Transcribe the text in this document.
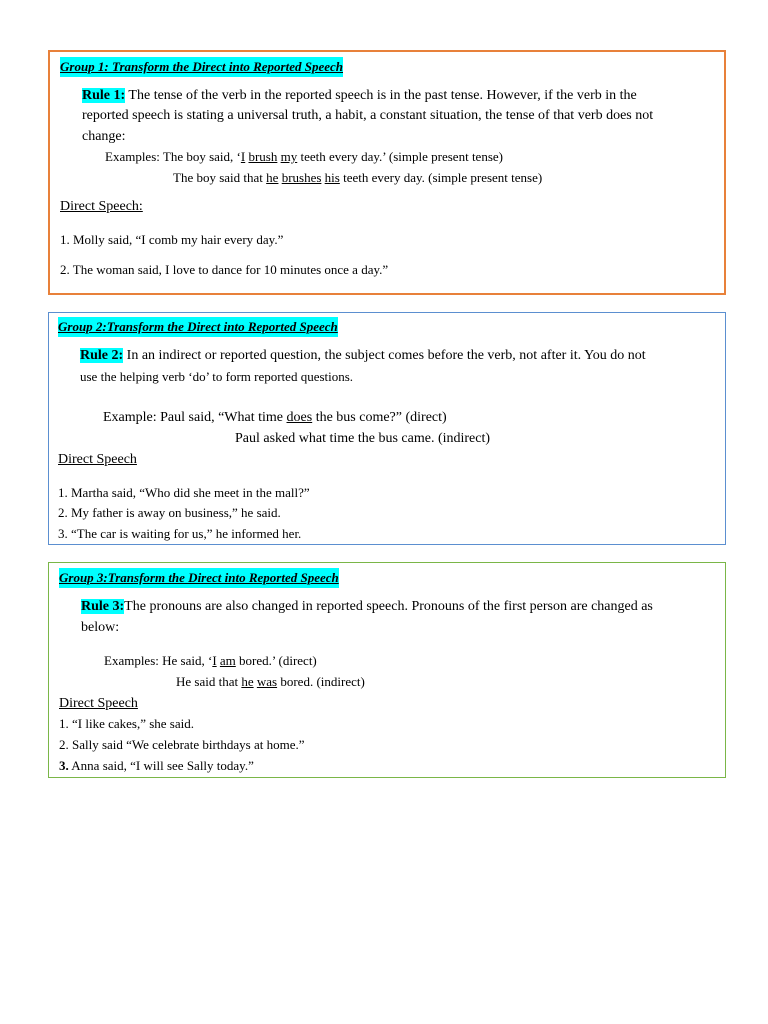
Group 1: Transform the Direct into Reported Speech
Rule 1: The tense of the verb in the reported speech is in the past tense. However, if the verb in the
reported speech is stating a universal truth, a habit, a constant situation, the tense of that verb does not
change:
Examples: The boy said, ‘I brush my teeth every day.’ (simple present tense)
The boy said that he brushes his teeth every day. (simple present tense)
Direct Speech:
1. Molly said, “I comb my hair every day.”
2. The woman said, I love to dance for 10 minutes once a day.”
Group 2:Transform the Direct into Reported Speech
Rule 2: In an indirect or reported question, the subject comes before the verb, not after it. You do not
use the helping verb ‘do’ to form reported questions.
Example: Paul said, “What time does the bus come?” (direct)
Paul asked what time the bus came. (indirect)
Direct Speech
1. Martha said, “Who did she meet in the mall?”
2. My father is away on business,” he said.
3. “The car is waiting for us,” he informed her.
Group 3:Transform the Direct into Reported Speech
Rule 3:The pronouns are also changed in reported speech. Pronouns of the first person are changed as
below:
Examples: He said, ‘I am bored.’ (direct)
He said that he was bored. (indirect)
Direct Speech
1. “I like cakes,” she said.
2. Sally said “We celebrate birthdays at home.”
3. Anna said, “I will see Sally today.”
